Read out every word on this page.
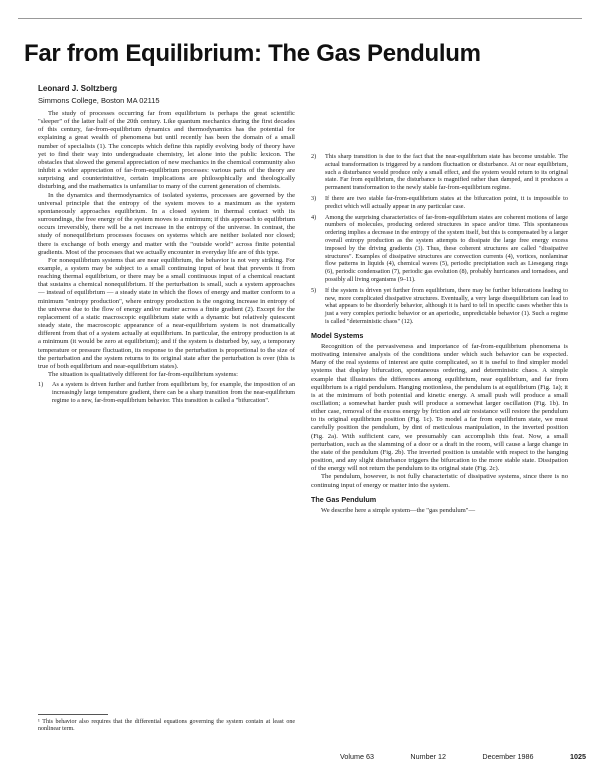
Far from Equilibrium: The Gas Pendulum
Leonard J. Soltzberg
Simmons College, Boston MA 02115

The study of processes occurring far from equilibrium is perhaps the great scientific "sleeper" of the latter half of the 20th century. Like quantum mechanics during the first decades of this century, far-from-equilibrium dynamics and thermodynamics has the potential for explaining a great wealth of phenomena but until recently has been the domain of a small number of specialists (1). The concepts which define this rapidly evolving body of theory have yet to find their way into undergraduate chemistry, let alone into the public lexicon. The obstacles that slowed the general appreciation of new mechanics in the chemical community also inhibit a wider appreciation of far-from-equilibrium processes: various parts of the theory are surprising and counterintuitive, certain implications are philosophically and theologically disturbing, and the mathematics is unfamiliar to many of the current generation of chemists.

In the dynamics and thermodynamics of isolated systems, processes are governed by the universal principle that the entropy of the system moves to a maximum as the system spontaneously approaches equilibrium. In a closed system in thermal contact with its surroundings, the free energy of the system moves to a minimum; if this approach to equilibrium occurs irreversibly, there will be a net increase in the entropy of the universe. In contrast, the study of nonequilibrium processes focuses on systems which are neither isolated nor closed; there is exchange of both energy and matter with the "outside world" across finite potential gradients. Most of the processes that we actually encounter in everyday life are of this type.

For nonequilibrium systems that are near equilibrium, the behavior is not very striking. For example, a system may be subject to a small continuing input of heat that prevents it from reaching thermal equilibrium, or there may be a small continuous input of a chemical reactant that sustains a chemical nonequilibrium. If the perturbation is small, such a system approaches — instead of equilibrium — a steady state in which the flows of energy and matter conform to a minimum "entropy production", where entropy production is the ongoing increase in entropy of the universe due to the flow of energy and/or matter across a finite gradient (2). Except for the replacement of a static macroscopic equilibrium state with a dynamic but relatively quiescent steady state, the macroscopic appearance of a near-equilibrium system is not dramatically different from that of a system actually at equilibrium. In particular, the entropy production is at a minimum (it would be zero at equilibrium); and if the system is disturbed by, say, a temporary temperature or pressure fluctuation, its response to the perturbation is proportional to the size of the perturbation and the system returns to its original state after the perturbation is over (this is true of both equilibrium and near-equilibrium states).

The situation is qualitatively different for far-from-equilibrium systems:

1)	As a system is driven further and further from equilibrium by, for example, the imposition of an increasingly large temperature gradient, there can be a sharp transition from the near-equilibrium regime to a new, far-from-equilibrium behavior. This transition is called a "bifurcation".
¹ This behavior also requires that the differential equations governing the system contain at least one nonlinear term.
2)	This sharp transition is due to the fact that the near-equilibrium state has become unstable. The actual transformation is triggered by a random fluctuation or disturbance. At or near equilibrium, such a disturbance would produce only a small effect, and the system would return to its original state. Far from equilibrium, the disturbance is magnified rather than damped, and it produces a permanent transformation to the newly stable far-from-equilibrium regime.
3)	If there are two stable far-from-equilibrium states at the bifurcation point, it is impossible to predict which will actually appear in any particular case.
4)	Among the surprising characteristics of far-from-equilibrium states are coherent motions of large numbers of molecules, producing ordered structures in space and/or time. This spontaneous ordering implies a decrease in the entropy of the system itself, but this is compensated by a larger overall entropy production as the system attempts to dissipate the large free energy excess imposed by the driving gradients (3). Thus, these coherent structures are called "dissipative structures". Examples of dissipative structures are convection currents (4), vortices, nonlaminar flow patterns in liquids (4), chemical waves (5), periodic precipitation such as Liesegang rings (6), periodic condensation (7), periodic gas evolution (8), probably hurricanes and tornadoes, and possibly all living organisms (9–11).
5)	If the system is driven yet further from equilibrium, there may be further bifurcations leading to new, more complicated dissipative structures. Eventually, a very large disequilibrium can lead to what appears to be disorderly behavior, although it is hard to tell in specific cases whether this is just a very complex periodic behavior or an aperiodic, unpredictable behavior (1). Such a regime is called "deterministic chaos" (12).
Model Systems

Recognition of the pervasiveness and importance of far-from-equilibrium phenomena is motivating intensive analysis of the conditions under which such behavior can be expected. Many of the real systems of interest are quite complicated, so it is useful to find simpler model systems that display bifurcation, spontaneous ordering, and deterministic chaos. A simple example that illustrates the differences among equilibrium, near equilibrium, and far from equilibrium is a rigid pendulum. Hanging motionless, the pendulum is at equilibrium (Fig. 1a); it is at the minimum of both potential and kinetic energy. A small push will produce a small oscillation; a somewhat harder push will produce a somewhat larger oscillation (Fig. 1b). In either case, removal of the excess energy by friction and air resistance will restore the pendulum to its original equilibrium position (Fig. 1c). To model a far from equilibrium state, we must carefully position the pendulum, by dint of meticulous manipulation, in the inverted position (Fig. 2a). With sufficient care, we presumably can accomplish this feat. Now, a small perturbation, such as the slamming of a door or a draft in the room, will cause a large change in the state of the pendulum (Fig. 2b). The inverted position is unstable with respect to the hanging position, and any slight disturbance triggers the bifurcation to the more stable state. Dissipation of the energy will not return the pendulum to its original state (Fig. 2c).

The pendulum, however, is not fully characteristic of dissipative systems, since there is no continuing input of energy or matter into the system.

The Gas Pendulum

We describe here a simple system—the "gas pendulum"—

Volume 63	Number 12	December 1986	1025
